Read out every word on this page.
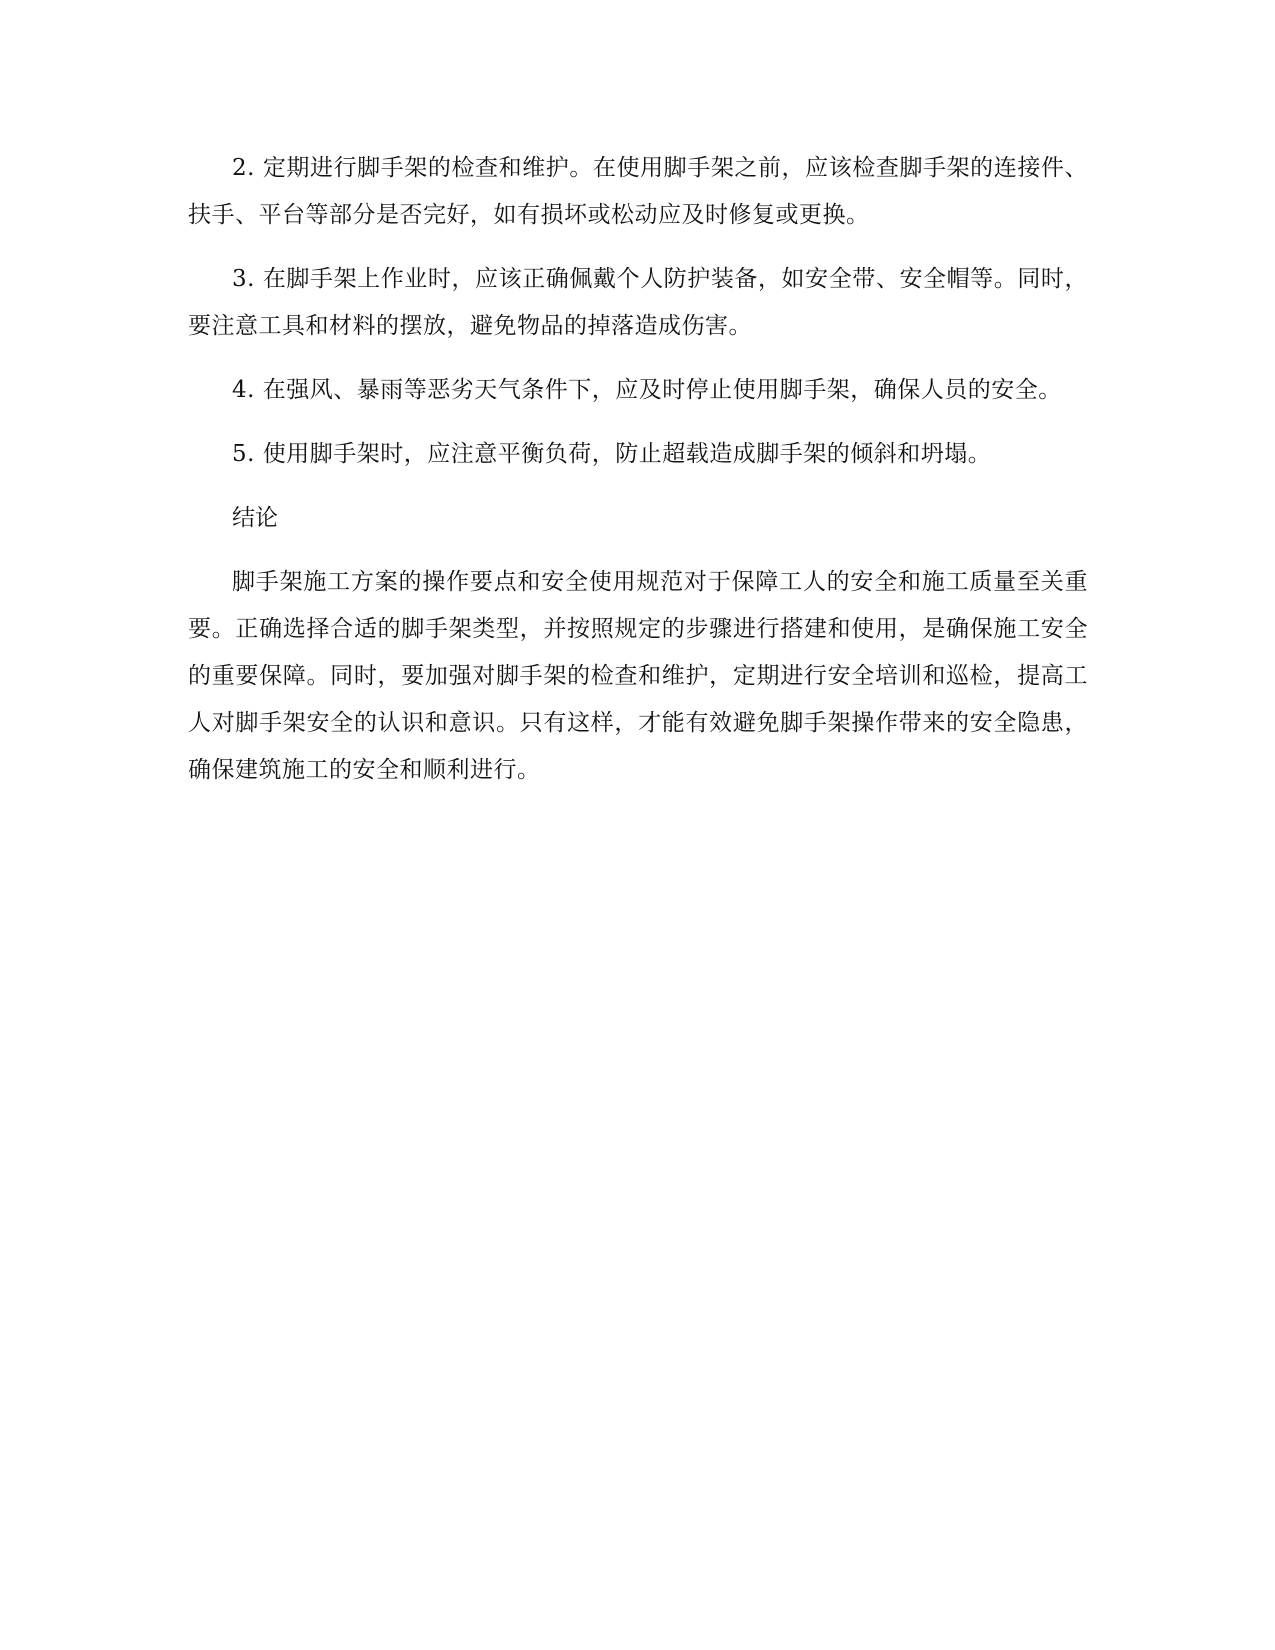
2. 定期进行脚手架的检查和维护。在使用脚手架之前，应该检查脚手架的连接件、扶手、平台等部分是否完好，如有损坏或松动应及时修复或更换。

3. 在脚手架上作业时，应该正确佩戴个人防护装备，如安全带、安全帽等。同时，要注意工具和材料的摆放，避免物品的掉落造成伤害。

4. 在强风、暴雨等恶劣天气条件下，应及时停止使用脚手架，确保人员的安全。

5. 使用脚手架时，应注意平衡负荷，防止超载造成脚手架的倾斜和坍塌。

结论

脚手架施工方案的操作要点和安全使用规范对于保障工人的安全和施工质量至关重要。正确选择合适的脚手架类型，并按照规定的步骤进行搭建和使用，是确保施工安全的重要保障。同时，要加强对脚手架的检查和维护，定期进行安全培训和巡检，提高工人对脚手架安全的认识和意识。只有这样，才能有效避免脚手架操作带来的安全隐患，确保建筑施工的安全和顺利进行。
